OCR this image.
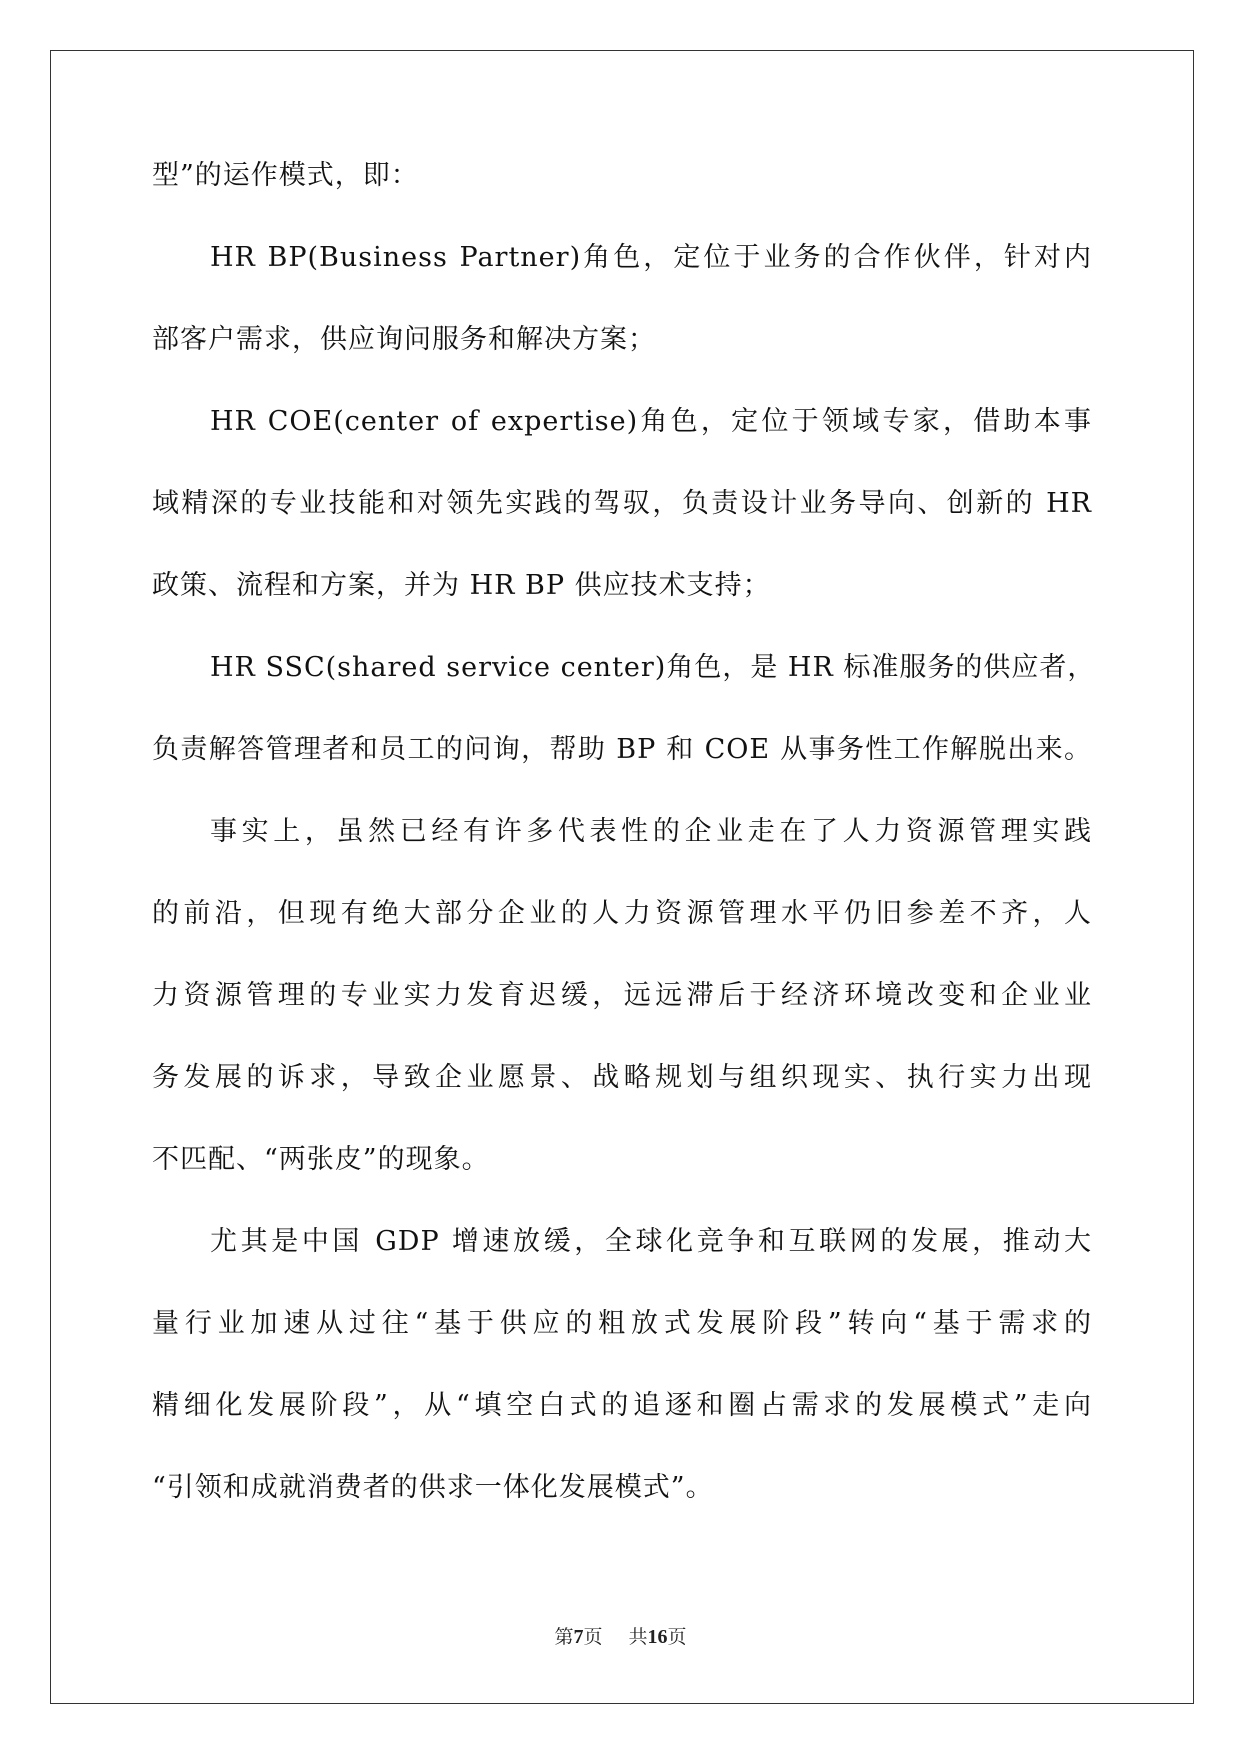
型”的运作模式，即：
HR BP(Business Partner)角色，定位于业务的合作伙伴，针对内
部客户需求，供应询问服务和解决方案；
HR COE(center of expertise)角色，定位于领域专家，借助本事
域精深的专业技能和对领先实践的驾驭，负责设计业务导向、创新的 HR
政策、流程和方案，并为 HR BP 供应技术支持；
HR SSC(shared service center)角色，是 HR 标准服务的供应者，
负责解答管理者和员工的问询，帮助 BP 和 COE 从事务性工作解脱出来。
事实上，虽然已经有许多代表性的企业走在了人力资源管理实践
的前沿，但现有绝大部分企业的人力资源管理水平仍旧参差不齐，人
力资源管理的专业实力发育迟缓，远远滞后于经济环境改变和企业业
务发展的诉求，导致企业愿景、战略规划与组织现实、执行实力出现
不匹配、“两张皮”的现象。
尤其是中国 GDP 增速放缓，全球化竞争和互联网的发展，推动大
量行业加速从过往“基于供应的粗放式发展阶段”转向“基于需求的
精细化发展阶段”，从“填空白式的追逐和圈占需求的发展模式”走向
“引领和成就消费者的供求一体化发展模式”。
第7页 共16页
